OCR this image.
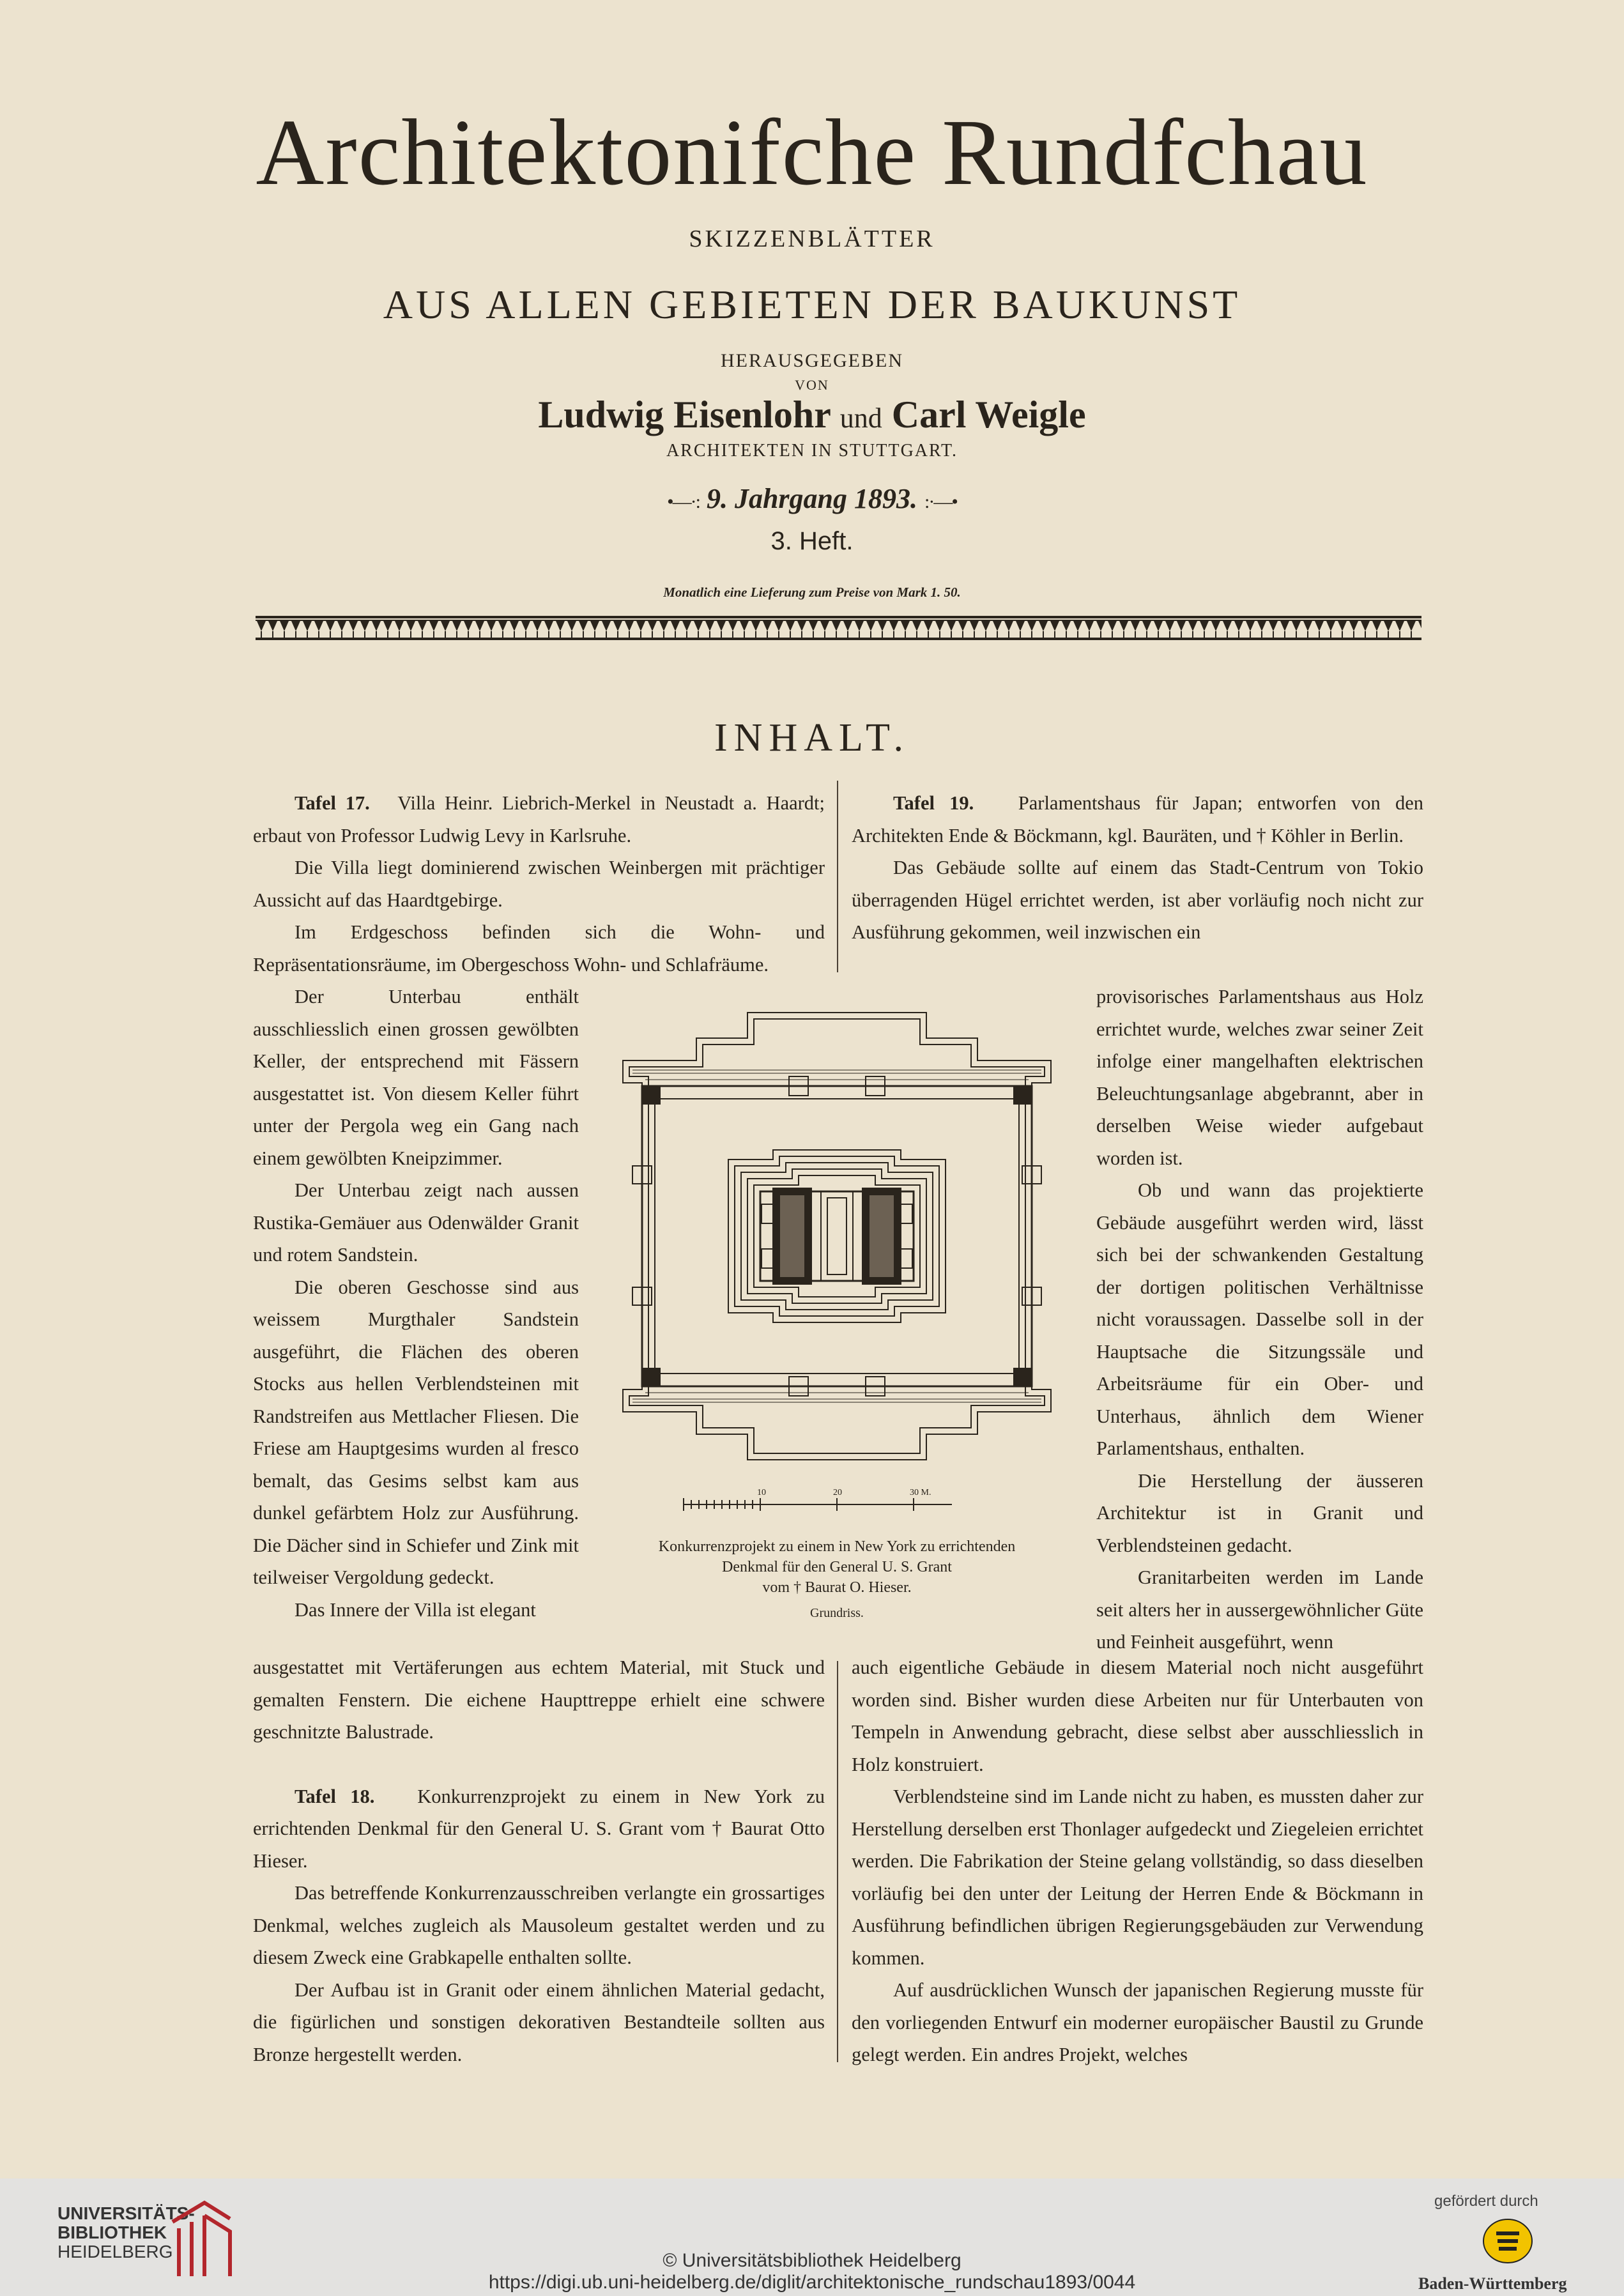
Architektonifche Rundfchau
SKIZZENBLÄTTER
AUS ALLEN GEBIETEN DER BAUKUNST
HERAUSGEGEBEN
VON
Ludwig Eisenlohr und Carl Weigle
ARCHITEKTEN IN STUTTGART.
•—·: 9. Jahrgang 1893. :·—•
3. Heft.
Monatlich eine Lieferung zum Preise von Mark 1. 50.
INHALT.

Tafel 17. Villa Heinr. Liebrich-Merkel in Neustadt a. Haardt; erbaut von Professor Ludwig Levy in Karlsruhe.

Die Villa liegt dominierend zwischen Weinbergen mit prächtiger Aussicht auf das Haardtgebirge.

Im Erdgeschoss befinden sich die Wohn- und Repräsentationsräume, im Obergeschoss Wohn- und Schlafräume.

Der Unterbau enthält ausschliesslich einen grossen gewölbten Keller, der entsprechend mit Fässern ausgestattet ist. Von diesem Keller führt unter der Pergola weg ein Gang nach einem gewölbten Kneipzimmer.

Der Unterbau zeigt nach aussen Rustika-Gemäuer aus Odenwälder Granit und rotem Sandstein.

Die oberen Geschosse sind aus weissem Murgthaler Sandstein ausgeführt, die Flächen des oberen Stocks aus hellen Verblendsteinen mit Randstreifen aus Mettlacher Fliesen. Die Friese am Hauptgesims wurden al fresco bemalt, das Gesims selbst kam aus dunkel gefärbtem Holz zur Ausführung. Die Dächer sind in Schiefer und Zink mit teilweiser Vergoldung gedeckt.

Das Innere der Villa ist elegant

ausgestattet mit Vertäferungen aus echtem Material, mit Stuck und gemalten Fenstern. Die eichene Haupttreppe erhielt eine schwere geschnitzte Balustrade.

Tafel 18. Konkurrenzprojekt zu einem in New York zu errichtenden Denkmal für den General U. S. Grant vom † Baurat Otto Hieser.

Das betreffende Konkurrenzausschreiben verlangte ein grossartiges Denkmal, welches zugleich als Mausoleum gestaltet werden und zu diesem Zweck eine Grabkapelle enthalten sollte.

Der Aufbau ist in Granit oder einem ähnlichen Material gedacht, die figürlichen und sonstigen dekorativen Bestandteile sollten aus Bronze hergestellt werden.

Tafel 19. Parlamentshaus für Japan; entworfen von den Architekten Ende & Böckmann, kgl. Bauräten, und † Köhler in Berlin.

Das Gebäude sollte auf einem das Stadt-Centrum von Tokio überragenden Hügel errichtet werden, ist aber vorläufig noch nicht zur Ausführung gekommen, weil inzwischen ein

provisorisches Parlamentshaus aus Holz errichtet wurde, welches zwar seiner Zeit infolge einer mangelhaften elektrischen Beleuchtungsanlage abgebrannt, aber in derselben Weise wieder aufgebaut worden ist.

Ob und wann das projektierte Gebäude ausgeführt werden wird, lässt sich bei der schwankenden Gestaltung der dortigen politischen Verhältnisse nicht voraussagen. Dasselbe soll in der Hauptsache die Sitzungssäle und Arbeitsräume für ein Ober- und Unterhaus, ähnlich dem Wiener Parlamentshaus, enthalten.

Die Herstellung der äusseren Architektur ist in Granit und Verblendsteinen gedacht.

Granitarbeiten werden im Lande seit alters her in aussergewöhnlicher Güte und Feinheit ausgeführt, wenn

auch eigentliche Gebäude in diesem Material noch nicht ausgeführt worden sind. Bisher wurden diese Arbeiten nur für Unterbauten von Tempeln in Anwendung gebracht, diese selbst aber ausschliesslich in Holz konstruiert.

Verblendsteine sind im Lande nicht zu haben, es mussten daher zur Herstellung derselben erst Thonlager aufgedeckt und Ziegeleien errichtet werden. Die Fabrikation der Steine gelang vollständig, so dass dieselben vorläufig bei den unter der Leitung der Herren Ende & Böckmann in Ausführung befindlichen übrigen Regierungsgebäuden zur Verwendung kommen.

Auf ausdrücklichen Wunsch der japanischen Regierung musste für den vorliegenden Entwurf ein moderner europäischer Baustil zu Grunde gelegt werden. Ein andres Projekt, welches

10	20	30 M.
Konkurrenzprojekt zu einem in New York zu errichtenden
Denkmal für den General U. S. Grant
vom † Baurat O. Hieser.
Grundriss.
UNIVERSITÄTS-
BIBLIOTHEK
HEIDELBERG	© Universitätsbibliothek Heidelberg
https://digi.ub.uni-heidelberg.de/diglit/architektonische_rundschau1893/0044
gefördert durch
Baden-Württemberg
